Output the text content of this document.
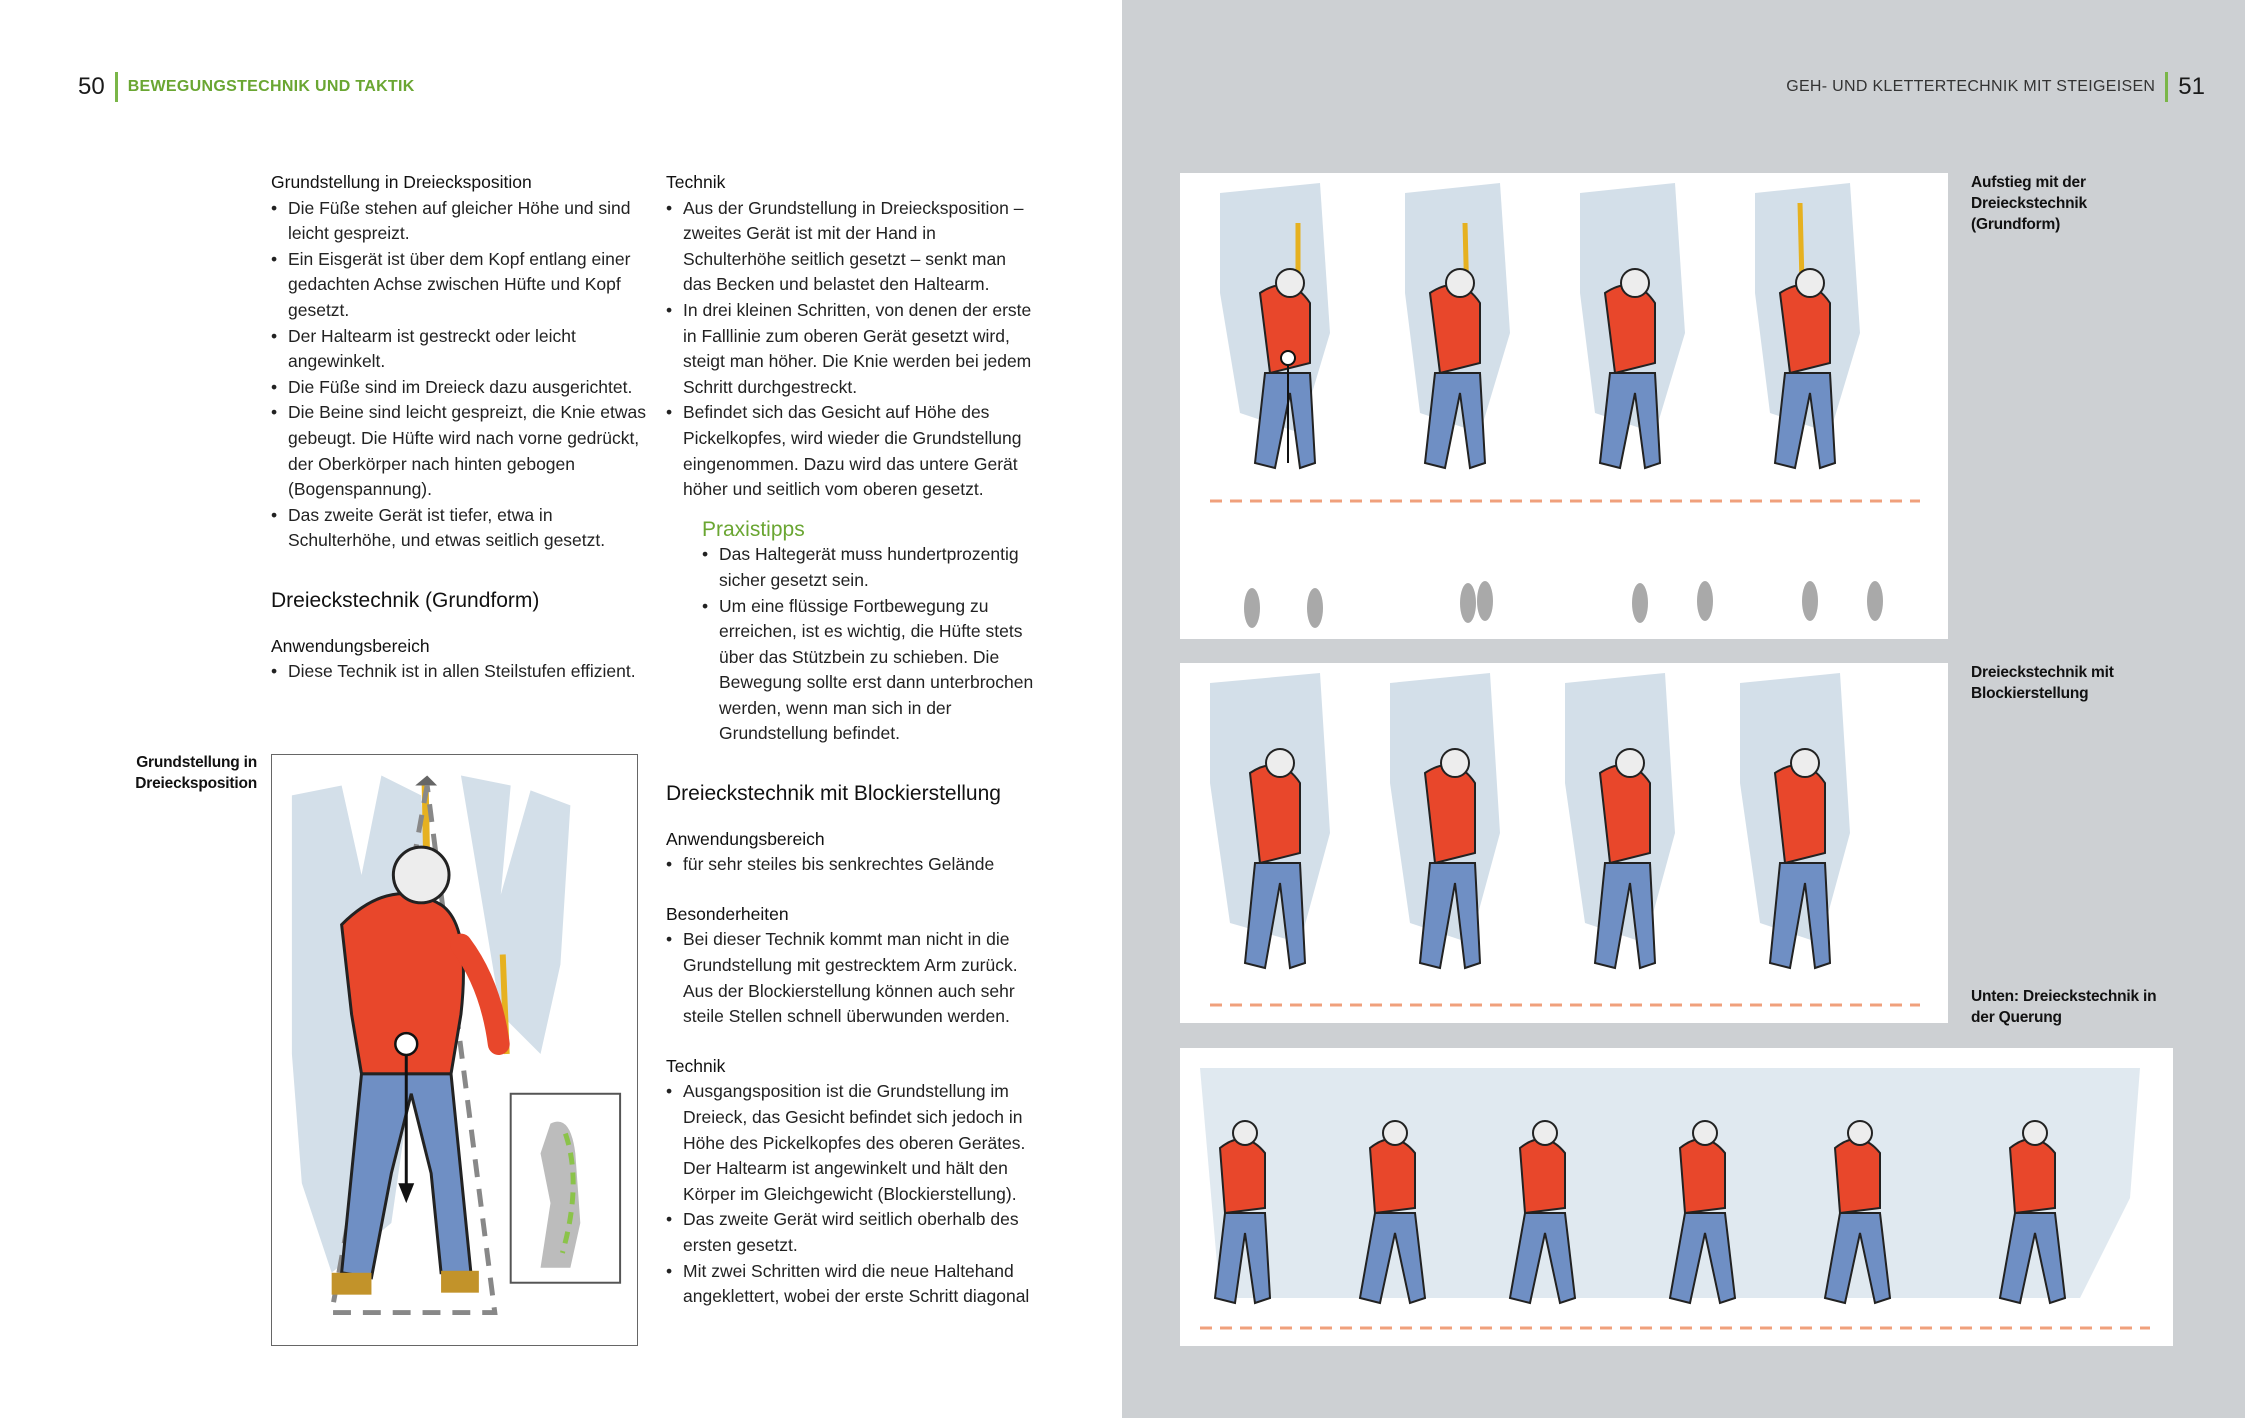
50 BEWEGUNGSTECHNIK UND TAKTIK
Grundstellung in Dreiecksposition
• Die Füße stehen auf gleicher Höhe und sind leicht gespreizt.
• Ein Eisgerät ist über dem Kopf entlang einer gedachten Achse zwischen Hüfte und Kopf gesetzt.
• Der Haltearm ist gestreckt oder leicht angewinkelt.
• Die Füße sind im Dreieck dazu ausgerichtet.
• Die Beine sind leicht gespreizt, die Knie etwas gebeugt. Die Hüfte wird nach vorne gedrückt, der Oberkörper nach hinten gebogen (Bogenspannung).
• Das zweite Gerät ist tiefer, etwa in Schulterhöhe, und etwas seitlich gesetzt.
Dreieckstechnik (Grundform)
Anwendungsbereich
• Diese Technik ist in allen Steilstufen effizient.
Technik
• Aus der Grundstellung in Dreiecksposition – zweites Gerät ist mit der Hand in Schulterhöhe seitlich gesetzt – senkt man das Becken und belastet den Haltearm.
• In drei kleinen Schritten, von denen der erste in Falllinie zum oberen Gerät gesetzt wird, steigt man höher. Die Knie werden bei jedem Schritt durchgestreckt.
• Befindet sich das Gesicht auf Höhe des Pickelkopfes, wird wieder die Grundstellung eingenommen. Dazu wird das untere Gerät höher und seitlich vom oberen gesetzt.
Praxistipps
• Das Haltegerät muss hundertprozentig sicher gesetzt sein.
• Um eine flüssige Fortbewegung zu erreichen, ist es wichtig, die Hüfte stets über das Stützbein zu schieben. Die Bewegung sollte erst dann unterbrochen werden, wenn man sich in der Grundstellung befindet.
Dreieckstechnik mit Blockierstellung
Anwendungsbereich
• für sehr steiles bis senkrechtes Gelände
Besonderheiten
• Bei dieser Technik kommt man nicht in die Grundstellung mit gestrecktem Arm zurück. Aus der Blockierstellung können auch sehr steile Stellen schnell überwunden werden.
Technik
• Ausgangsposition ist die Grundstellung im Dreieck, das Gesicht befindet sich jedoch in Höhe des Pickelkopfes des oberen Gerätes. Der Haltearm ist angewinkelt und hält den Körper im Gleichgewicht (Blockierstellung).
• Das zweite Gerät wird seitlich oberhalb des ersten gesetzt.
• Mit zwei Schritten wird die neue Haltehand angeklettert, wobei der erste Schritt diagonal
Grundstellung in Dreiecksposition
GEH- UND KLETTERTECHNIK MIT STEIGEISEN 51
Aufstieg mit der Dreieckstechnik (Grundform)
Dreieckstechnik mit Blockierstellung
Unten: Dreieckstechnik in der Querung
